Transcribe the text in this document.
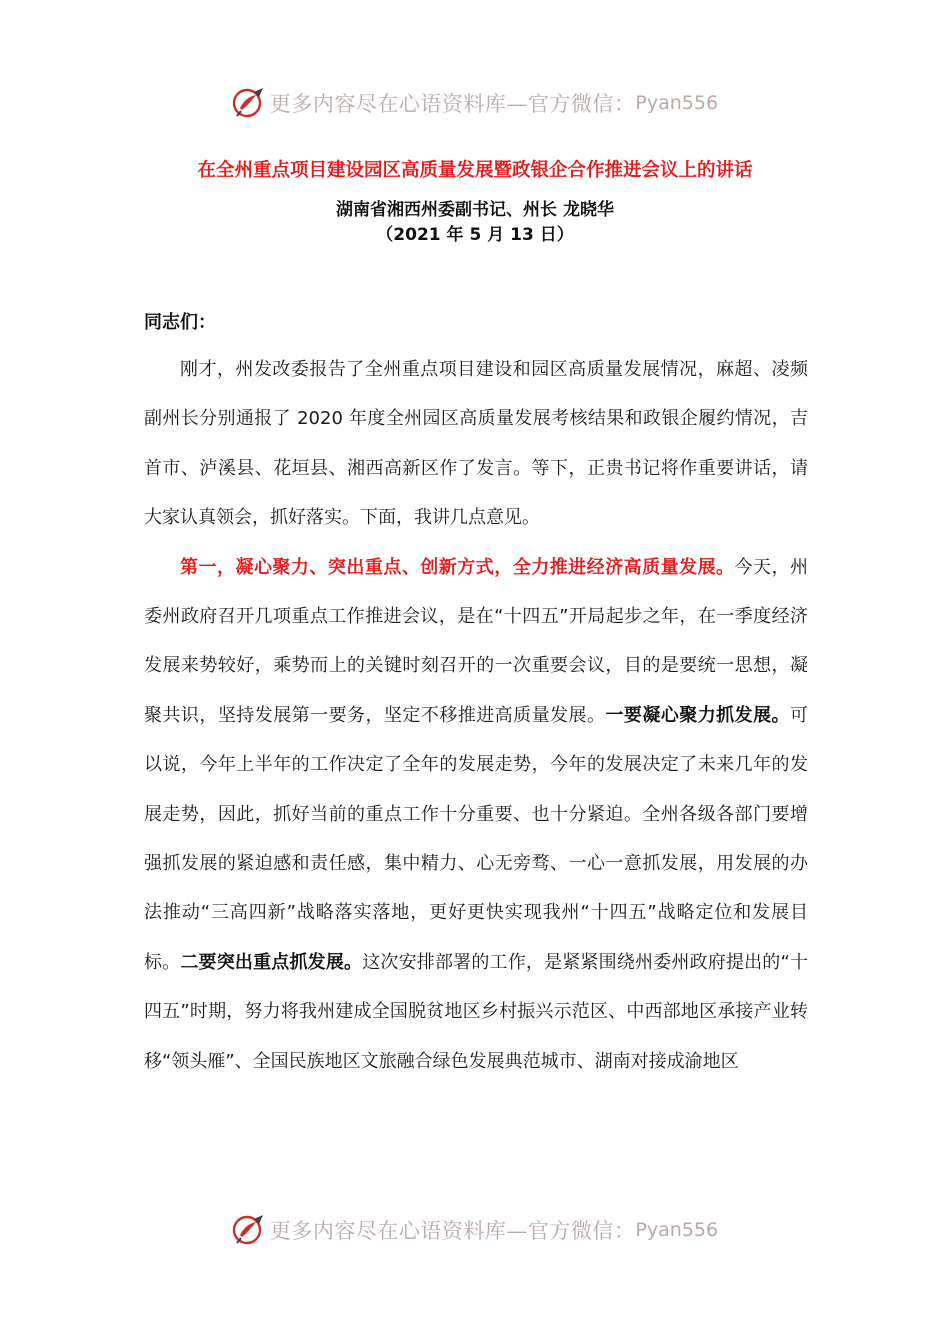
更多内容尽在心语资料库—官方微信： Pyan556
在全州重点项目建设园区高质量发展暨政银企合作推进会议上的讲话
湖南省湘西州委副书记、州长 龙晓华
（2021 年 5 月 13 日）
同志们：

刚才，州发改委报告了全州重点项目建设和园区高质量发展情况，麻超、凌频副州长分别通报了 2020 年度全州园区高质量发展考核结果和政银企履约情况，吉首市、泸溪县、花垣县、湘西高新区作了发言。等下，正贵书记将作重要讲话，请大家认真领会，抓好落实。下面，我讲几点意见。

第一，凝心聚力、突出重点、创新方式，全力推进经济高质量发展。今天，州委州政府召开几项重点工作推进会议，是在“十四五”开局起步之年，在一季度经济发展来势较好，乘势而上的关键时刻召开的一次重要会议，目的是要统一思想，凝聚共识，坚持发展第一要务，坚定不移推进高质量发展。一要凝心聚力抓发展。可以说，今年上半年的工作决定了全年的发展走势，今年的发展决定了未来几年的发展走势，因此，抓好当前的重点工作十分重要、也十分紧迫。全州各级各部门要增强抓发展的紧迫感和责任感，集中精力、心无旁骛、一心一意抓发展，用发展的办法推动“三高四新”战略落实落地，更好更快实现我州“十四五”战略定位和发展目标。二要突出重点抓发展。这次安排部署的工作，是紧紧围绕州委州政府提出的“十四五”时期，努力将我州建成全国脱贫地区乡村振兴示范区、中西部地区承接产业转移“领头雁”、全国民族地区文旅融合绿色发展典范城市、湖南对接成渝地区

更多内容尽在心语资料库—官方微信： Pyan556
